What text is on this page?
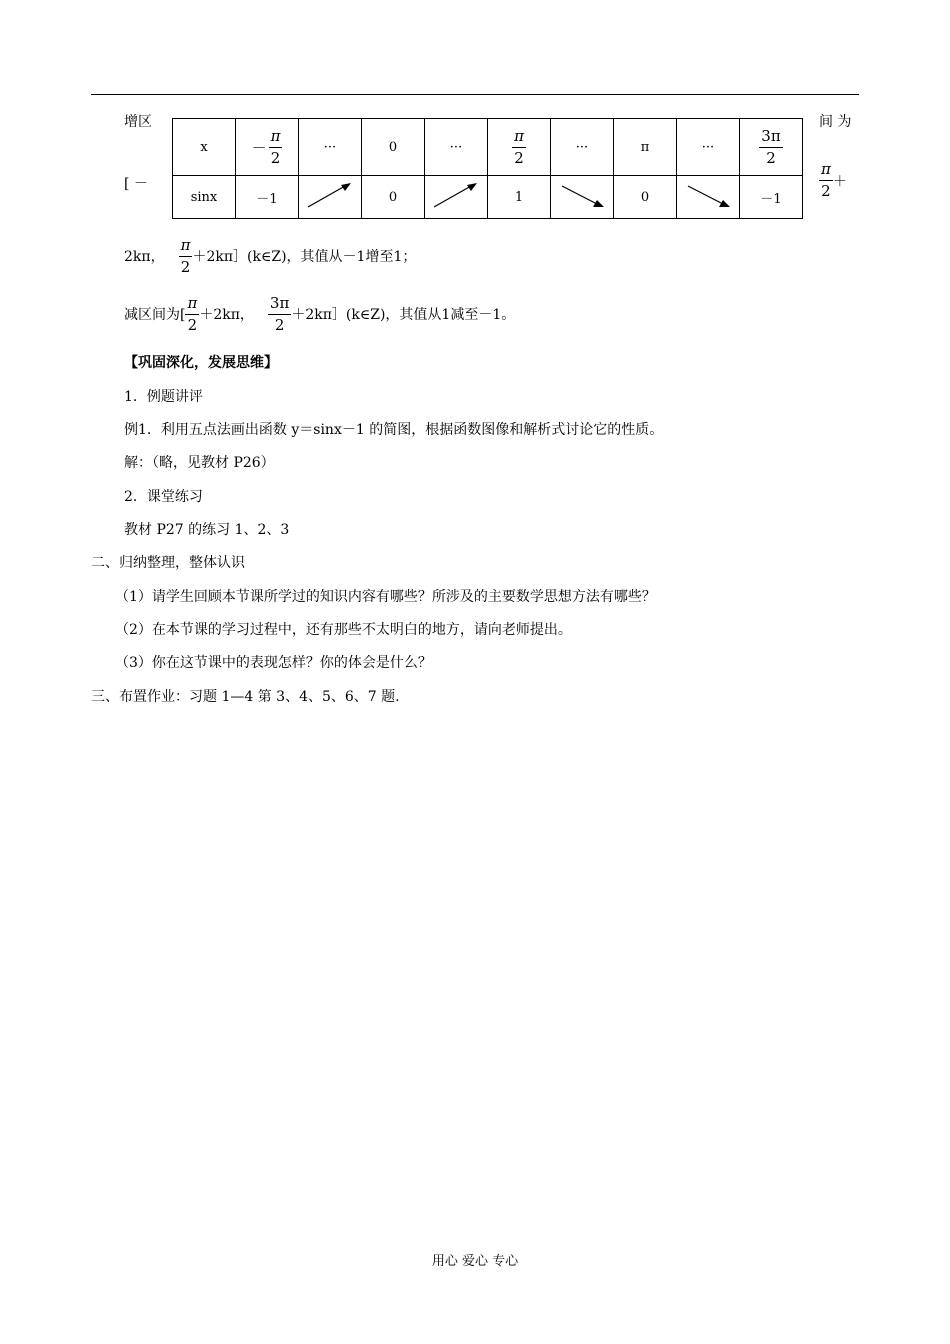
增区
[ －
间 为
$\frac{\pi}{2}$ ＋
x	－ $\frac{\pi}{2}$	···	0	···	$\frac{\pi}{2}$	···	π	···	$\frac{3\pi}{2}$

sinx	－1		0		1		0		－1
2kπ， $\frac{\pi}{2}$ ＋2kπ］(k∈Z)，其值从－1增至1；
减区间为[ $\frac{\pi}{2} +2k\pi$， $\frac{3\pi}{2}$ ＋2kπ］(k∈Z)，其值从1减至－1。
【巩固深化，发展思维】
1．例题讲评
例1．利用五点法画出函数 y＝sinx－1 的简图，根据函数图像和解析式讨论它的性质。
解：（略，见教材 P26）
2．课堂练习
教材 P27 的练习 1、2、3
二、归纳整理，整体认识
（1）请学生回顾本节课所学过的知识内容有哪些？所涉及的主要数学思想方法有哪些？
（2）在本节课的学习过程中，还有那些不太明白的地方，请向老师提出。
（3）你在这节课中的表现怎样？你的体会是什么？
三、布置作业：习题 1—4 第 3、4、5、6、7 题.
用心 爱心 专心
